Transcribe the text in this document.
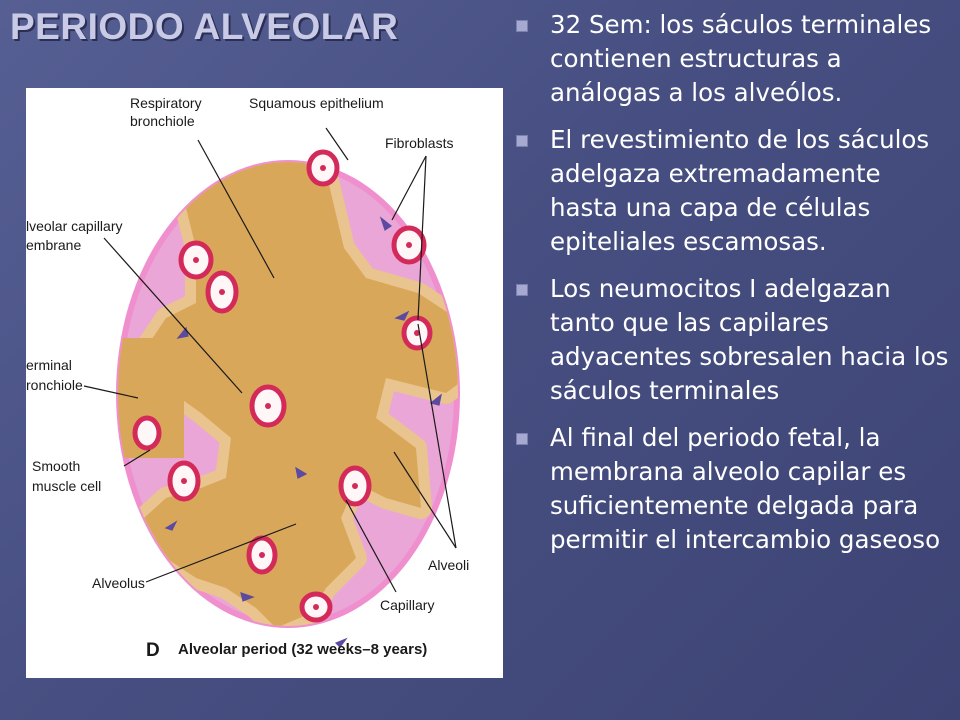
PERIODO ALVEOLAR
Respiratory
bronchiole
Squamous epithelium
Fibroblasts
lveolar capillary
embrane
erminal
ronchiole
Smooth
muscle cell
Alveolus
Alveoli
Capillary
D Alveolar period (32 weeks–8 years)
32 Sem: los sáculos terminales contienen estructuras a análogas a los alveólos.
El revestimiento de los sáculos adelgaza extremadamente hasta una capa de células epiteliales escamosas.
Los neumocitos I adelgazan tanto que las capilares adyacentes sobresalen hacia los sáculos terminales
Al final del periodo fetal, la membrana alveolo capilar es suficientemente delgada para permitir el intercambio gaseoso
